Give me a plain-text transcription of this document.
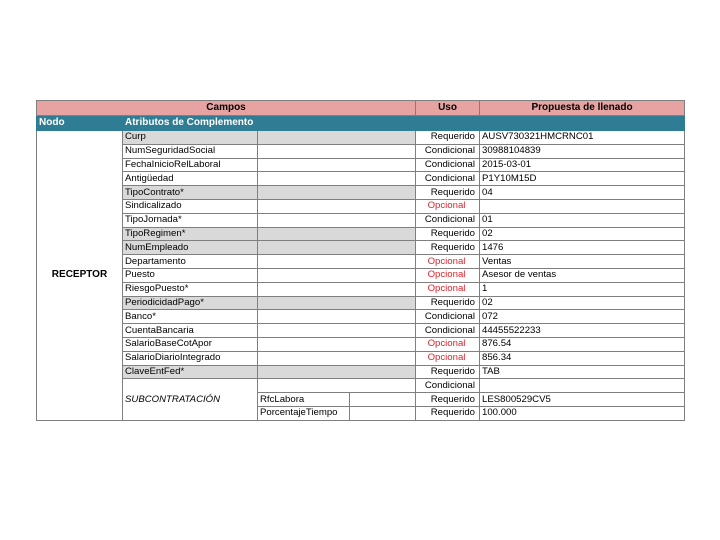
Campos				Uso	Propuesta de llenado
Nodo	Atributos de Complemento				
RECEPTOR	Curp			Requerido	AUSV730321HMCRNC01
	NumSeguridadSocial			Condicional	30988104839
	FechaInicioRelLaboral			Condicional	2015-03-01
	Antigüedad			Condicional	P1Y10M15D
	TipoContrato*			Requerido	04
	Sindicalizado			Opcional	
	TipoJornada*			Condicional	01
	TipoRegimen*			Requerido	02
	NumEmpleado			Requerido	1476
	Departamento			Opcional	Ventas
	Puesto			Opcional	Asesor de ventas
	RiesgoPuesto*			Opcional	1
	PeriodicidadPago*			Requerido	02
	Banco*			Condicional	072
	CuentaBancaria			Condicional	44455522233
	SalarioBaseCotApor			Opcional	876.54
	SalarioDiarioIntegrado			Opcional	856.34
	ClaveEntFed*			Requerido	TAB
	SUBCONTRATACIÓN			Condicional	
		RfcLabora		Requerido	LES800529CV5
		PorcentajeTiempo		Requerido	100.000
